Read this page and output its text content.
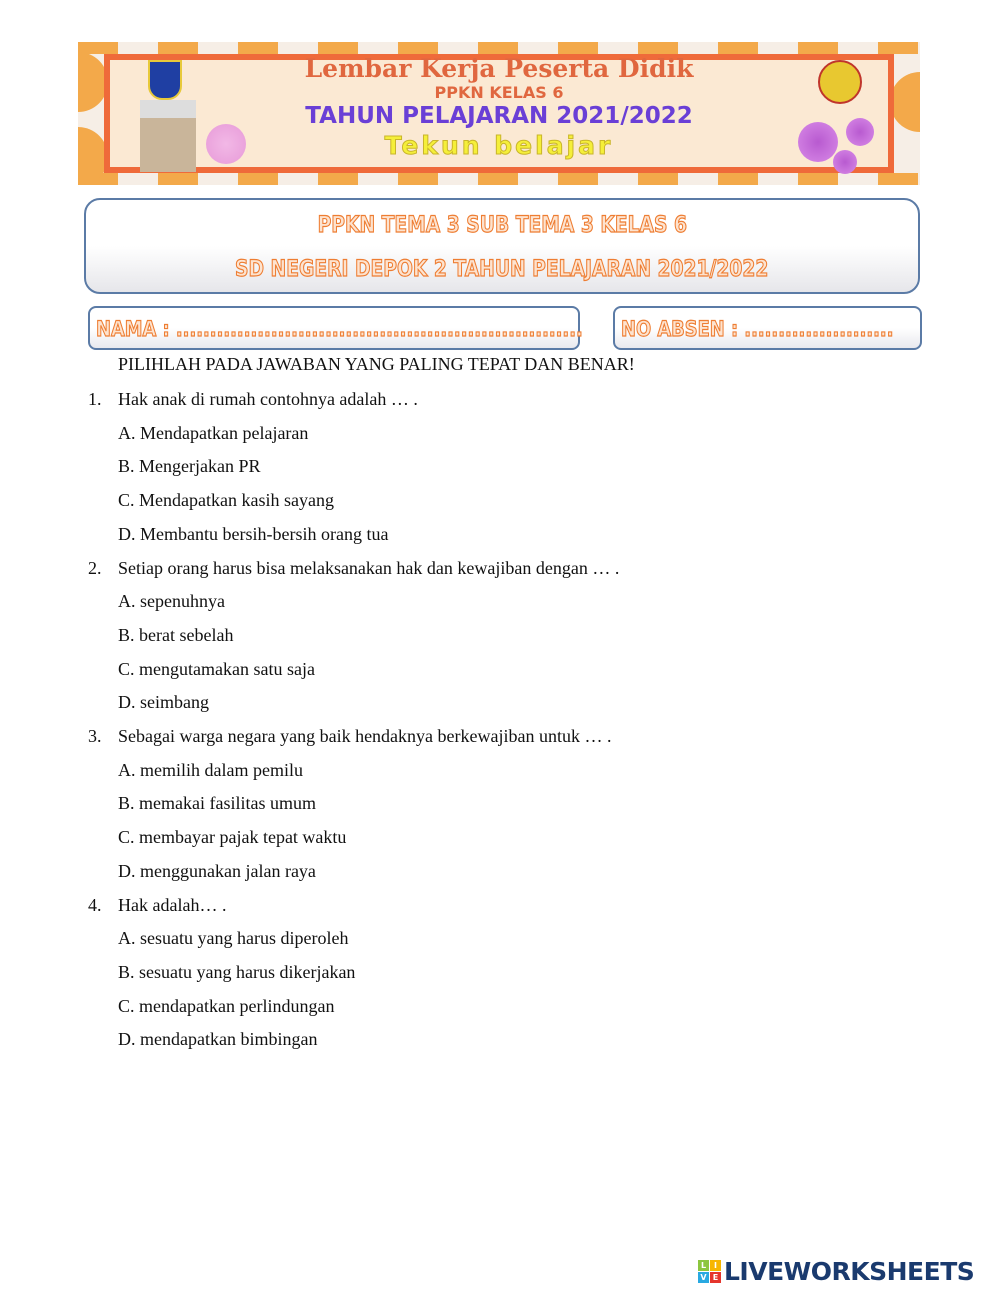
Lembar Kerja Peserta Didik
PPKN KELAS 6
TAHUN PELAJARAN 2021/2022
Tekun belajar
PPKN TEMA 3 SUB TEMA 3 KELAS 6
SD NEGERI DEPOK 2 TAHUN PELAJARAN 2021/2022
NAMA : ............................................................ NO ABSEN : ......................
PILIHLAH PADA JAWABAN YANG PALING TEPAT DAN BENAR!
1. Hak anak di rumah contohnya adalah … .
A. Mendapatkan pelajaran
B. Mengerjakan PR
C. Mendapatkan kasih sayang
D. Membantu bersih-bersih orang tua
2. Setiap orang harus bisa melaksanakan hak dan kewajiban dengan … .
A. sepenuhnya
B. berat sebelah
C. mengutamakan satu saja
D. seimbang
3. Sebagai warga negara yang baik hendaknya berkewajiban untuk … .
A. memilih dalam pemilu
B. memakai fasilitas umum
C. membayar pajak tepat waktu
D. menggunakan jalan raya
4. Hak adalah… .
A. sesuatu yang harus diperoleh
B. sesuatu yang harus dikerjakan
C. mendapatkan perlindungan
D. mendapatkan bimbingan
L I
V E LIVEWORKSHEETS
